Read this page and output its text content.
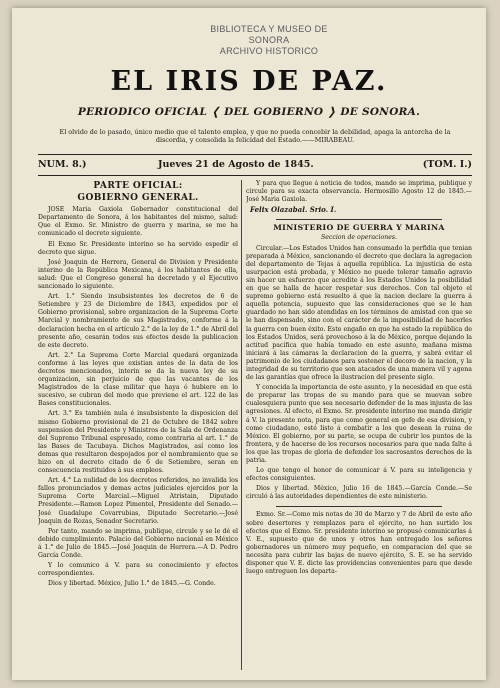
BIBLIOTECA Y MUSEO DE SONORA
ARCHIVO HISTORICO
EL IRIS DE PAZ.
PERIODICO OFICIAL ❬ DEL GOBIERNO ❭ DE SONORA.
El olvido de lo pasado, único medio que el talento emplea, y que no pueda concebir la debilidad, apaga la antorcha de la discordia, y consolida la felicidad del Estado.——MIRABEAU.
NUM. 8.)	Jueves 21 de Agosto de 1845.	(TOM. I.)
PARTE OFICIAL:
GOBIERNO GENERAL.

JOSE Maria Gaxiola Gobernador constitucional del Departamento de Sonora, á los habitantes del mismo, salud: Que el Exmo. Sr. Ministro de guerra y marina, se me ha comunicado el decreto siguiente.

El Exmo Sr. Presidente interino se ha servido espedir el decreto que sigue.

José Joaquin de Herrera, General de Division y Presidente interino de la República Mexicana, á los habitantes de ella, salud: Que el Congreso general ha decretado y el Ejecutivo sancionado lo siguiente.

Art. 1.° Siendo insubsistentes los decretos de 6 de Setiembre y 23 de Diciembre de 1843, expedidos por el Gobierno provisional, sobre organizacion de la Suprema Corte Marcial y nombramiento de sus Magistrados, conforme á la declaracion hecha en el artículo 2.° de la ley de 1.° de Abril del presente año, cesarán todos sus efectos desde la publicacion de este decreto.

Art. 2.° La Suprema Corte Marcial quedará organizada conforme á las leyes que existian antes de la data de los decretos mencionados, interin se da la nueva ley de su organizacion, sin perjuicio de que las vacantes de los Magistrados de la clase militar que haya ó hubiere en lo sucesivo, se cubran del modo que previene el art. 122 de las Bases constitucionales.

Art. 3.° Es también nula é insubsistente la disposicion del mismo Gobierno provisional de 21 de Octubre de 1842 sobre suspension del Presidente y Ministros de la Sala de Ordenanza del Supremo Tribunal espresado, como contraria al art. 1.° de las Bases de Tacubaya. Dichos Magistrados, así como los demas que resultaron despojados por el nombramiento que se hizo en el decreto citado de 6 de Setiembre, seran en consecuencia restituidos á sus empleos.

Art. 4.° La nulidad de los decretos referidos, no invalida los fallos pronunciados y demas actos judiciales ejercidos por la Suprema Corte Marcial.—Miguel Atristain, Diputado Presidente.—Ramon Lopez Pimentel, Presidente del Senado.—José Guadalupe Covarrubias, Diputado Secretario.—José Joaquin de Rozas, Senador Secretario.

Por tanto, mando se imprima, publique, circule y se le dé el debido cumplimiento. Palacio del Gobierno nacional en México á 1.° de Julio de 1845.—José Joaquin de Herrera.—A D. Pedro García Conde.

Y lo comunico á V. para su conocimiento y efectos correspondientes.

Dios y libertad. México, Julio 1.° de 1845.—G. Conde.

Y para que llegue á noticia de todos, mando se imprima, publique y circule para su exacta observancia. Hermosillo Agosto 12 de 1845.—José Maria Gaxiola.

Felix Olazabal. Srio. I.
MINISTERIO DE GUERRA Y MARINA
Seccion de operaciones.

Circular.—Los Estados Unidos han consumado la perfidia que tenian preparada á México, sancionando el decreto que declara la agregacion del departamento de Tejas á aquella república. La injusticia de esta usurpacion está probada, y México no puede tolerar tamaño agravio sin hacer un esfuerzo que acredite á los Estados Unidos la posibilidad en que se halla de hacer respetar sus derechos. Con tal objeto el supremo gobierno está resuelto á que la nacion declare la guerra á aquella potencia, supuesto que las consideraciones que se le han guardado no han sido atendidas en los términos de amistad con que se le han dispensado, sino con el carácter de la imposibilidad de hacerles la guerra con buen éxito. Este engaño en que ha estado la república de los Estados Unidos, será provechoso á la de México, porque dejando la actitud pacífica que había tomado en este asunto, mañana misma iniciará á las cámaras la declaracion de la guerra, y sabrá evitar el patrimonio de los ciudadanos para sostener el decoro de la nacion, y la integridad de su territorio que son atacados de una manera vil y agena de las garantías que ofrece la ilustracion del presente siglo.

Y conocida la importancia de este asunto, y la necesidad en que está de preparar las tropas de su mando para que se muevan sobre cualesquiera punto que sea necesario defender de la mas injusta de las agresiones. Al efecto, el Exmo. Sr. presidente interino me manda dirigir á V. la presente nota, para que como general en gefe de esa division, y como ciudadano, esté listo á combatir a los que desean la ruina de México. El gobierno, por su parte, se ocupa de cubrir los puntos de la frontera, y de hacerse de los recursos necesarios para que nada falte á los que las tropas de gloria de defender los sacrosantos derechos de la patria.

Lo que tengo el honor de comunicar á V. para su inteligencia y efectos consiguientes.

Dios y libertad. México, Julio 16 de 1845.—García Conde.—Se circuló á las autoridades dependientes de este ministerio.

Exmo. Sr.—Como mis notas de 30 de Marzo y 7 de Abril de este año sobre desertores y remplazos para el ejército, no han surtido los efectos que el Exmo. Sr. presidente interino se propusó comunicarlas á V. E., supuesto que de unos y otros han entregado los señores gobernadores un número muy pequeño, en comparacion del que se necesita para cubrir las bajas de nuevo ejército, S. E. se ha servido disponer que V. E. dicte las providencias convenientes para que desde luego entreguen los departa-
